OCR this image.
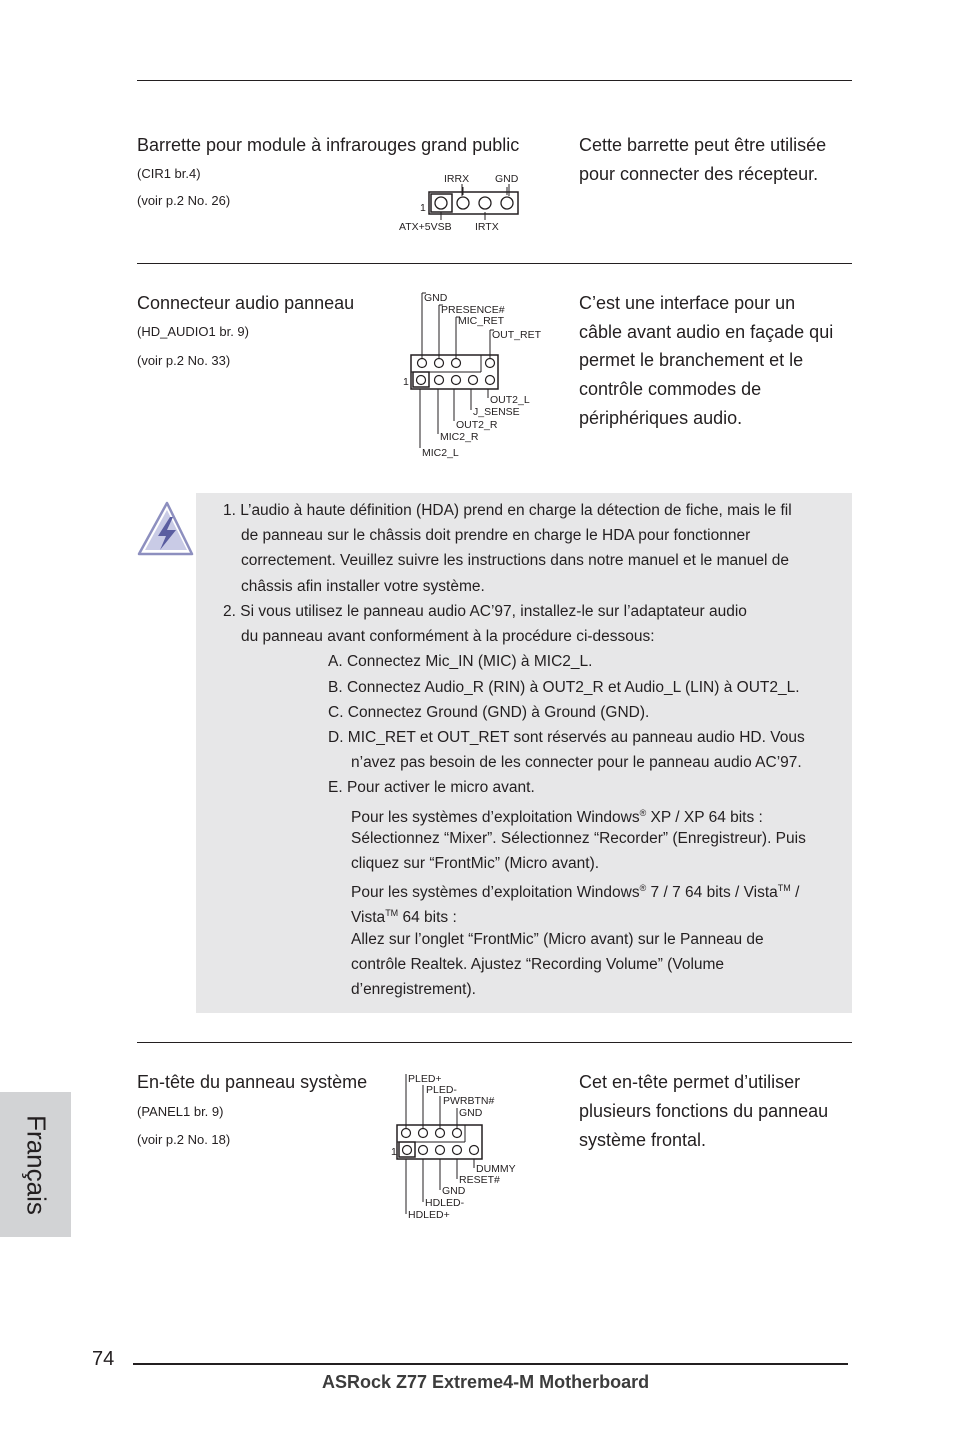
Barrette pour module à infrarouges grand public
(CIR1 br.4)
(voir p.2 No. 26)
Cette barrette peut être utilisée
pour connecter des récepteur.
IRRX GND
1
ATX+5VSB IRTX
Connecteur audio panneau
(HD_AUDIO1 br. 9)
(voir p.2 No. 33)
C’est une interface pour un
câble avant audio en façade qui
permet le branchement et le
contrôle commodes de
périphériques audio.
GND
PRESENCE#
MIC_RET
OUT_RET
1
OUT2_L
J_SENSE
OUT2_R
MIC2_R
MIC2_L
1. L’audio à haute définition (HDA) prend en charge la détection de fiche, mais le fil
de panneau sur le châssis doit prendre en charge le HDA pour fonctionner
correctement. Veuillez suivre les instructions dans notre manuel et le manuel de
châssis afin installer votre système.
2. Si vous utilisez le panneau audio AC’97, installez-le sur l’adaptateur audio
du panneau avant conformément à la procédure ci-dessous:
A. Connectez Mic_IN (MIC) à MIC2_L.
B. Connectez Audio_R (RIN) à OUT2_R et Audio_L (LIN) à OUT2_L.
C. Connectez Ground (GND) à Ground (GND).
D. MIC_RET et OUT_RET sont réservés au panneau audio HD. Vous
n’avez pas besoin de les connecter pour le panneau audio AC’97.
E. Pour activer le micro avant.
Pour les systèmes d’exploitation Windows® XP / XP 64 bits :
Sélectionnez “Mixer”. Sélectionnez “Recorder” (Enregistreur). Puis
cliquez sur “FrontMic” (Micro avant).
Pour les systèmes d’exploitation Windows® 7 / 7 64 bits / Vista™ /
Vista™ 64 bits :
Allez sur l’onglet “FrontMic” (Micro avant) sur le Panneau de
contrôle Realtek. Ajustez “Recording Volume” (Volume
d’enregistrement).
En-tête du panneau système
(PANEL1 br. 9)
(voir p.2 No. 18)
Cet en-tête permet d’utiliser
plusieurs fonctions du panneau
système frontal.
PLED+
PLED-
PWRBTN#
GND
1
DUMMY
RESET#
GND
HDLED-
HDLED+
Français
74
ASRock Z77 Extreme4-M Motherboard
